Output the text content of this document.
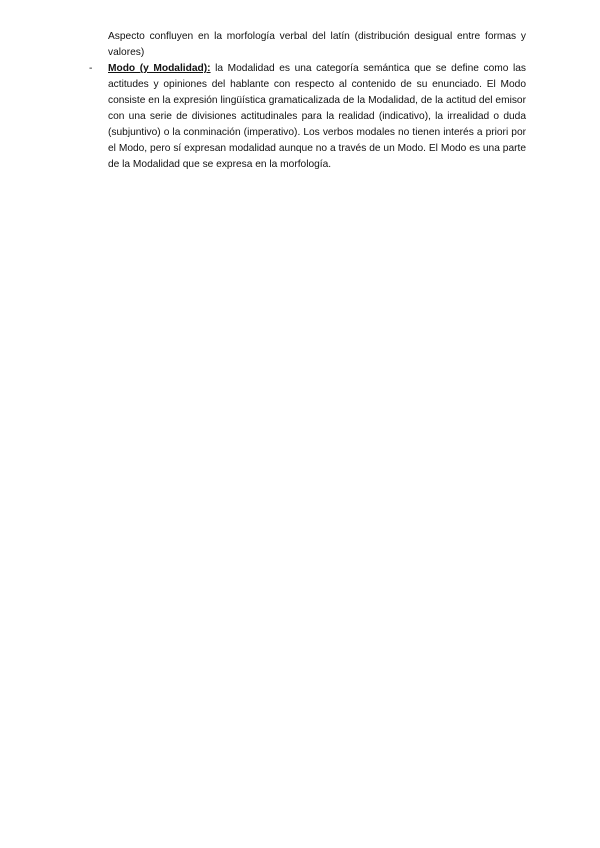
Aspecto confluyen en la morfología verbal del latín (distribución desigual entre formas y valores)
- Modo (y Modalidad): la Modalidad es una categoría semántica que se define como las actitudes y opiniones del hablante con respecto al contenido de su enunciado. El Modo consiste en la expresión lingüística gramaticalizada de la Modalidad, de la actitud del emisor con una serie de divisiones actitudinales para la realidad (indicativo), la irrealidad o duda (subjuntivo) o la conminación (imperativo). Los verbos modales no tienen interés a priori por el Modo, pero sí expresan modalidad aunque no a través de un Modo. El Modo es una parte de la Modalidad que se expresa en la morfología.
